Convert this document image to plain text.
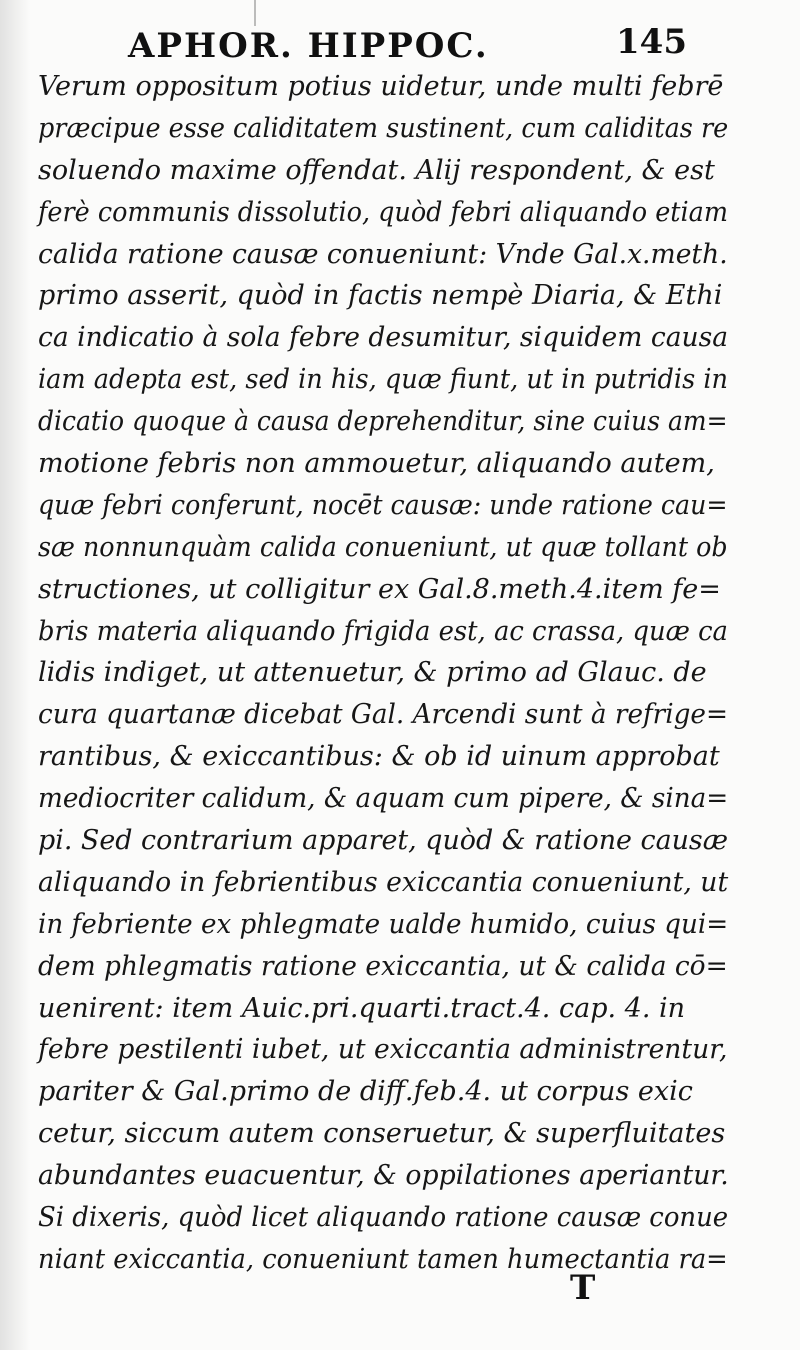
APHOR. HIPPOC.	145
Verum oppositum potius uidetur, unde multi febrē
præcipue esse caliditatem sustinent, cum caliditas re
soluendo maxime offendat. Alij respondent, & est
ferè communis dissolutio, quòd febri aliquando etiam
calida ratione causæ conueniunt: Vnde Gal.x.meth.
primo asserit, quòd in factis nempè Diaria, & Ethi
ca indicatio à sola febre desumitur, siquidem causa
iam adepta est, sed in his, quæ fiunt, ut in putridis in
dicatio quoque à causa deprehenditur, sine cuius am=
motione febris non ammouetur, aliquando autem,
quæ febri conferunt, nocēt causæ: unde ratione cau=
sæ nonnunquàm calida conueniunt, ut quæ tollant ob
structiones, ut colligitur ex Gal.8.meth.4.item fe=
bris materia aliquando frigida est, ac crassa, quæ ca
lidis indiget, ut attenuetur, & primo ad Glauc. de
cura quartanæ dicebat Gal. Arcendi sunt à refrige=
rantibus, & exiccantibus: & ob id uinum approbat
mediocriter calidum, & aquam cum pipere, & sina=
pi. Sed contrarium apparet, quòd & ratione causæ
aliquando in febrientibus exiccantia conueniunt, ut
in febriente ex phlegmate ualde humido, cuius qui=
dem phlegmatis ratione exiccantia, ut & calida cō=
uenirent: item Auic.pri.quarti.tract.4. cap. 4. in
febre pestilenti iubet, ut exiccantia administrentur,
pariter & Gal.primo de diff.feb.4. ut corpus exic
cetur, siccum autem conseruetur, & superfluitates
abundantes euacuentur, & oppilationes aperiantur.
Si dixeris, quòd licet aliquando ratione causæ conue
niant exiccantia, conueniunt tamen humectantia ra=
T
